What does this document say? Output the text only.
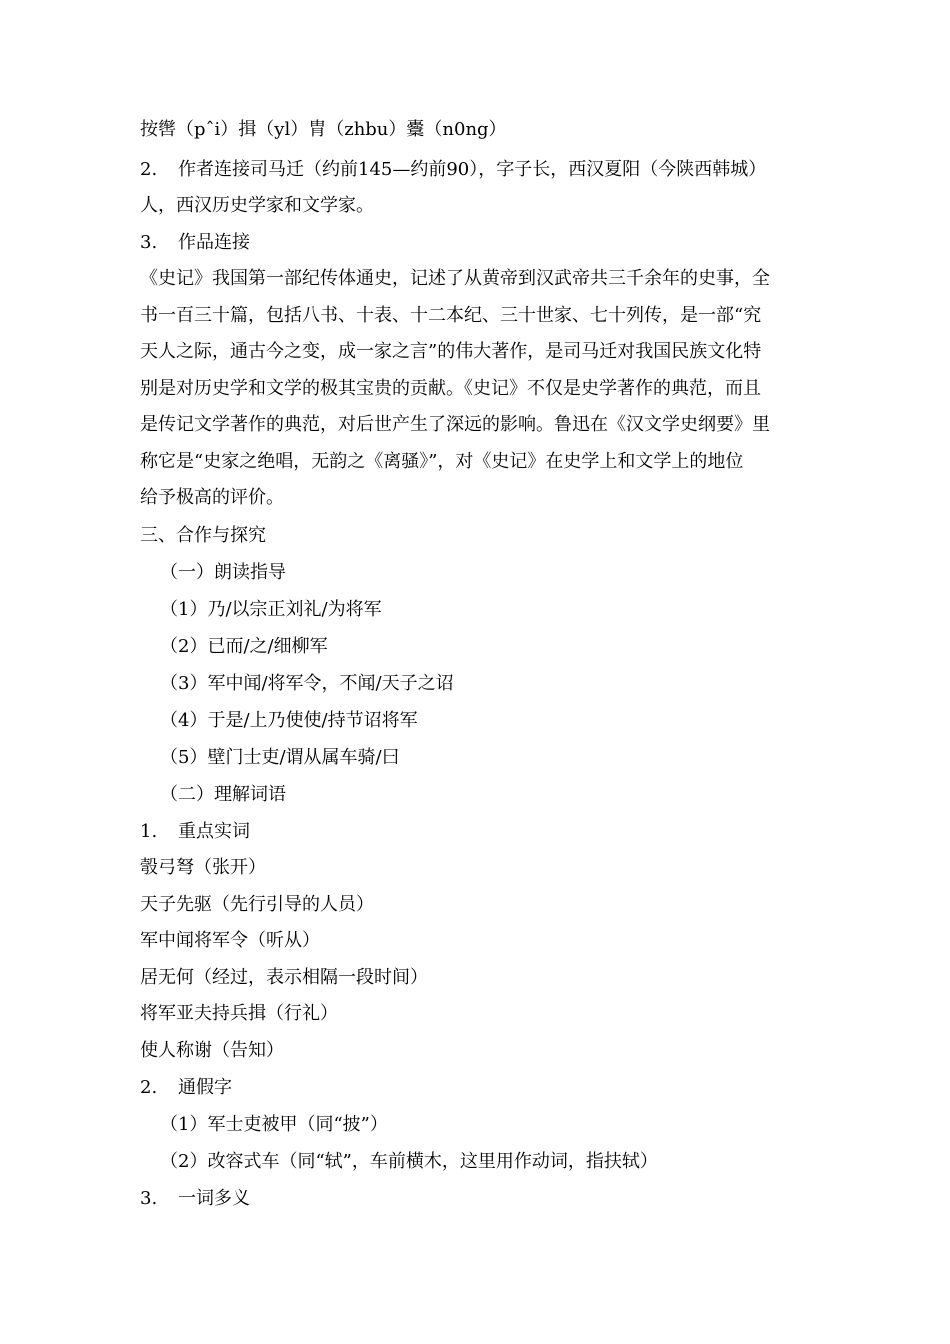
按辔（pˆi）揖（yl）胄（zhbu）櫜（n0ng）
2. 作者连接司马迁（约前145—约前90），字子长，西汉夏阳（今陕西韩城）
人，西汉历史学家和文学家。
3. 作品连接
《史记》我国第一部纪传体通史，记述了从黄帝到汉武帝共三千余年的史事，全
书一百三十篇，包括八书、十表、十二本纪、三十世家、七十列传，是一部“究
天人之际，通古今之变，成一家之言”的伟大著作，是司马迁对我国民族文化特
别是对历史学和文学的极其宝贵的贡献。《史记》不仅是史学著作的典范，而且
是传记文学著作的典范，对后世产生了深远的影响。鲁迅在《汉文学史纲要》里
称它是“史家之绝唱，无韵之《离骚》”，对《史记》在史学上和文学上的地位
给予极高的评价。
三、合作与探究
（一）朗读指导
（1）乃/以宗正刘礼/为将军
（2）已而/之/细柳军
（3）军中闻/将军令，不闻/天子之诏
（4）于是/上乃使使/持节诏将军
（5）壁门士吏/谓从属车骑/曰
（二）理解词语
1. 重点实词
彀弓弩（张开）
天子先驱（先行引导的人员）
军中闻将军令（听从）
居无何（经过，表示相隔一段时间）
将军亚夫持兵揖（行礼）
使人称谢（告知）
2. 通假字
（1）军士吏被甲（同“披”）
（2）改容式车（同“轼”，车前横木，这里用作动词，指扶轼）
3. 一词多义
